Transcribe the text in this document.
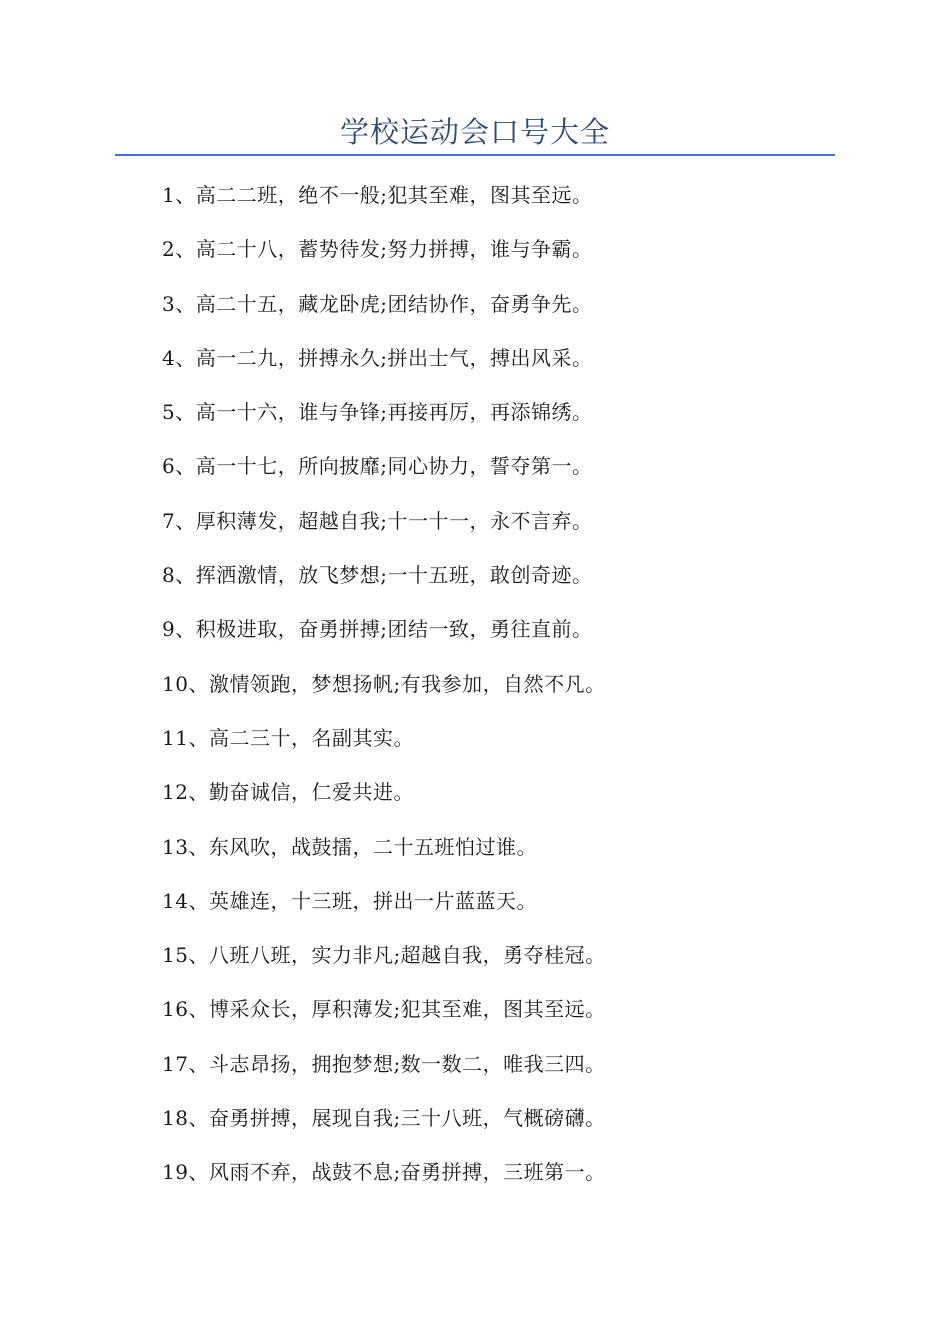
学校运动会口号大全
1、高二二班，绝不一般;犯其至难，图其至远。
2、高二十八，蓄势待发;努力拼搏，谁与争霸。
3、高二十五，藏龙卧虎;团结协作，奋勇争先。
4、高一二九，拼搏永久;拼出士气，搏出风采。
5、高一十六，谁与争锋;再接再厉，再添锦绣。
6、高一十七，所向披靡;同心协力，誓夺第一。
7、厚积薄发，超越自我;十一十一，永不言弃。
8、挥洒激情，放飞梦想;一十五班，敢创奇迹。
9、积极进取，奋勇拼搏;团结一致，勇往直前。
10、激情领跑，梦想扬帆;有我参加，自然不凡。
11、高二三十，名副其实。
12、勤奋诚信，仁爱共进。
13、东风吹，战鼓擂，二十五班怕过谁。
14、英雄连，十三班，拼出一片蓝蓝天。
15、八班八班，实力非凡;超越自我，勇夺桂冠。
16、博采众长，厚积薄发;犯其至难，图其至远。
17、斗志昂扬，拥抱梦想;数一数二，唯我三四。
18、奋勇拼搏，展现自我;三十八班，气概磅礴。
19、风雨不弃，战鼓不息;奋勇拼搏，三班第一。
